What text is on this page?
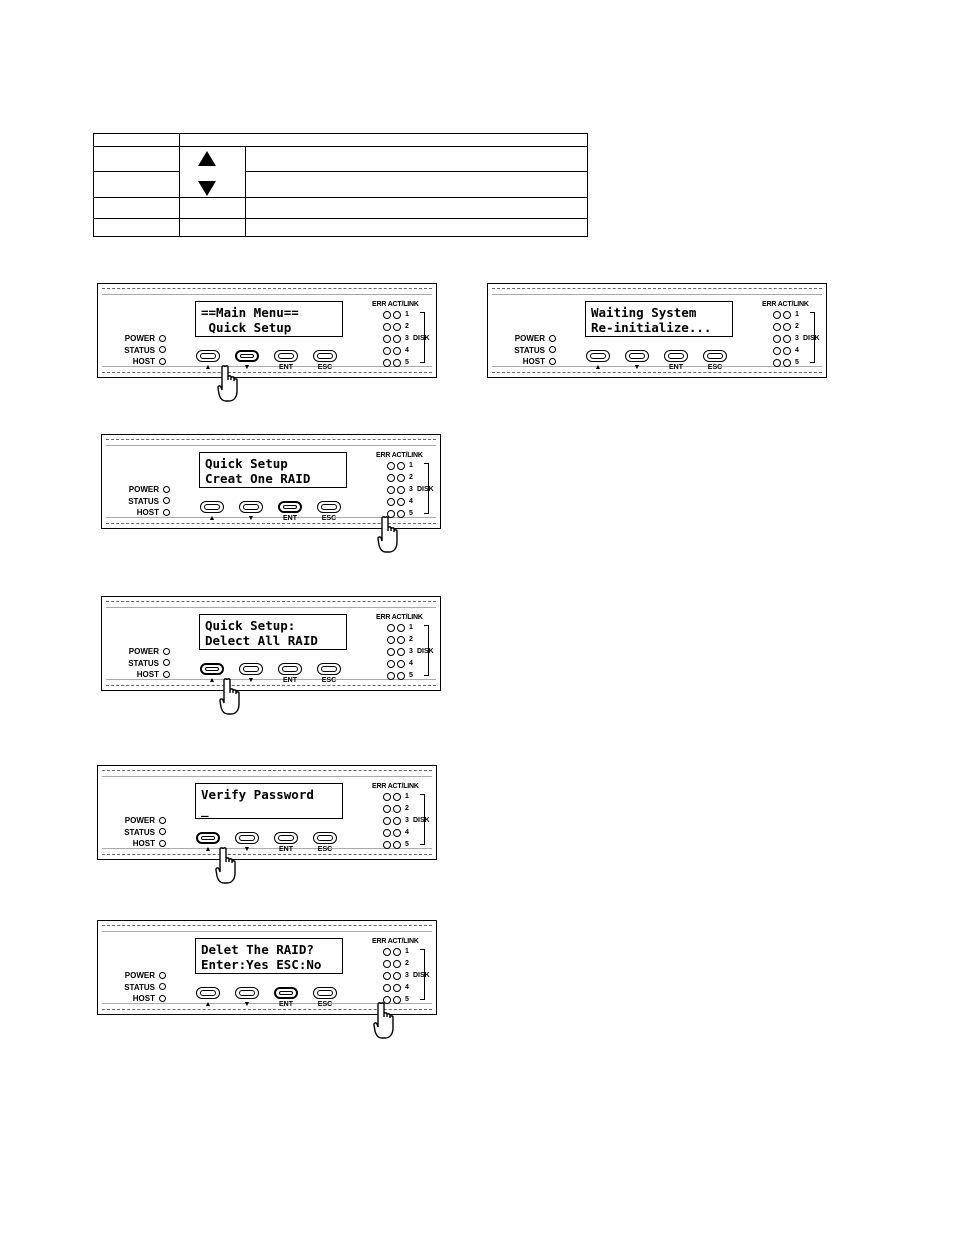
==Main Menu==
Quick Setup
POWER
STATUS
HOST
▲	▼	ENT	ESC
ERR ACT/LINK
1
2
3 DISK
4
5
Waiting System
Re-initialize...
POWER
STATUS
HOST
▲	▼	ENT	ESC
ERR ACT/LINK
1
2
3 DISK
4
5
Quick Setup
Creat One RAID
POWER
STATUS
HOST
▲	▼	ENT	ESC
ERR ACT/LINK
1
2
3 DISK
4
5
Quick Setup:
Delect All RAID
POWER
STATUS
HOST
▲	▼	ENT	ESC
ERR ACT/LINK
1
2
3 DISK
4
5
Verify Password
_
POWER
STATUS
HOST
▲	▼	ENT	ESC
ERR ACT/LINK
1
2
3 DISK
4
5
Delet The RAID?
Enter:Yes ESC:No
POWER
STATUS
HOST
▲	▼	ENT	ESC
ERR ACT/LINK
1
2
3 DISK
4
5
